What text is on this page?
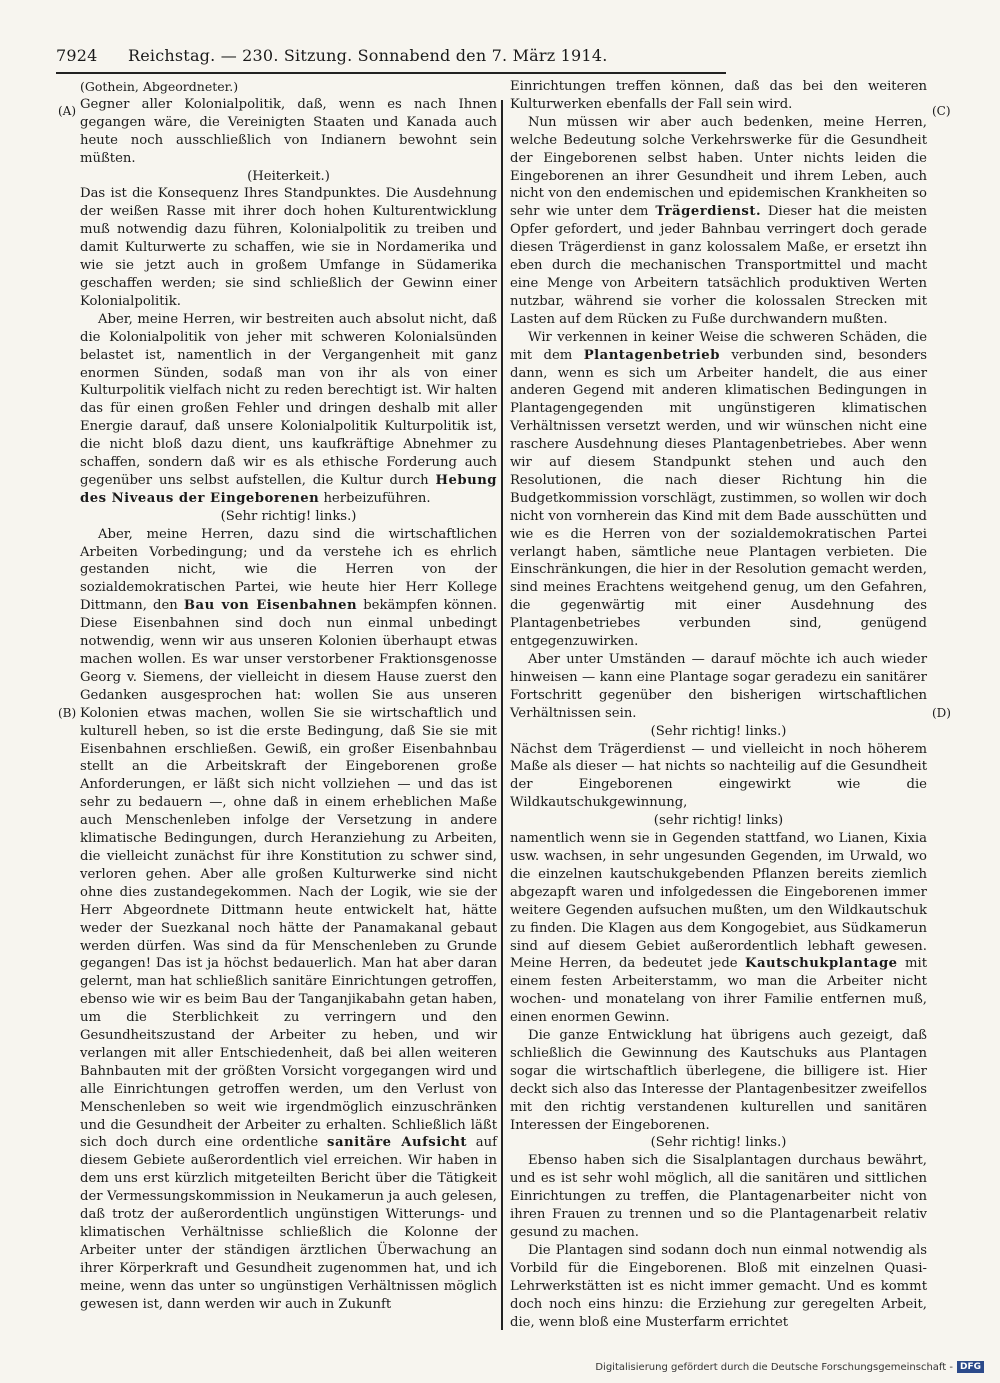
7924 Reichstag. — 230. Sitzung. Sonnabend den 7. März 1914.
(A)
(B)
(C)
(D)

(Gothein, Abgeordneter.)

Gegner aller Kolonialpolitik, daß, wenn es nach Ihnen gegangen wäre, die Vereinigten Staaten und Kanada auch heute noch ausschließlich von Indianern bewohnt sein müßten.

(Heiterkeit.)

Das ist die Konsequenz Ihres Standpunktes. Die Ausdehnung der weißen Rasse mit ihrer doch hohen Kulturentwicklung muß notwendig dazu führen, Kolonialpolitik zu treiben und damit Kulturwerte zu schaffen, wie sie in Nordamerika und wie sie jetzt auch in großem Umfange in Südamerika geschaffen werden; sie sind schließlich der Gewinn einer Kolonialpolitik.

Aber, meine Herren, wir bestreiten auch absolut nicht, daß die Kolonialpolitik von jeher mit schweren Kolonialsünden belastet ist, namentlich in der Vergangenheit mit ganz enormen Sünden, sodaß man von ihr als von einer Kulturpolitik vielfach nicht zu reden berechtigt ist. Wir halten das für einen großen Fehler und dringen deshalb mit aller Energie darauf, daß unsere Kolonialpolitik Kulturpolitik ist, die nicht bloß dazu dient, uns kaufkräftige Abnehmer zu schaffen, sondern daß wir es als ethische Forderung auch gegenüber uns selbst aufstellen, die Kultur durch Hebung des Niveaus der Eingeborenen herbeizuführen.

(Sehr richtig! links.)

Aber, meine Herren, dazu sind die wirtschaftlichen Arbeiten Vorbedingung; und da verstehe ich es ehrlich gestanden nicht, wie die Herren von der sozialdemokratischen Partei, wie heute hier Herr Kollege Dittmann, den Bau von Eisenbahnen bekämpfen können. Diese Eisenbahnen sind doch nun einmal unbedingt notwendig, wenn wir aus unseren Kolonien überhaupt etwas machen wollen. Es war unser verstorbener Fraktionsgenosse Georg v. Siemens, der vielleicht in diesem Hause zuerst den Gedanken ausgesprochen hat: wollen Sie aus unseren Kolonien etwas machen, wollen Sie sie wirtschaftlich und kulturell heben, so ist die erste Bedingung, daß Sie sie mit Eisenbahnen erschließen. Gewiß, ein großer Eisenbahnbau stellt an die Arbeitskraft der Eingeborenen große Anforderungen, er läßt sich nicht vollziehen — und das ist sehr zu bedauern —, ohne daß in einem erheblichen Maße auch Menschenleben infolge der Versetzung in andere klimatische Bedingungen, durch Heranziehung zu Arbeiten, die vielleicht zunächst für ihre Konstitution zu schwer sind, verloren gehen. Aber alle großen Kulturwerke sind nicht ohne dies zustandegekommen. Nach der Logik, wie sie der Herr Abgeordnete Dittmann heute entwickelt hat, hätte weder der Suezkanal noch hätte der Panamakanal gebaut werden dürfen. Was sind da für Menschenleben zu Grunde gegangen! Das ist ja höchst bedauerlich. Man hat aber daran gelernt, man hat schließlich sanitäre Einrichtungen getroffen, ebenso wie wir es beim Bau der Tanganjikabahn getan haben, um die Sterblichkeit zu verringern und den Gesundheitszustand der Arbeiter zu heben, und wir verlangen mit aller Entschiedenheit, daß bei allen weiteren Bahnbauten mit der größten Vorsicht vorgegangen wird und alle Einrichtungen getroffen werden, um den Verlust von Menschenleben so weit wie irgendmöglich einzuschränken und die Gesundheit der Arbeiter zu erhalten. Schließlich läßt sich doch durch eine ordentliche sanitäre Aufsicht auf diesem Gebiete außerordentlich viel erreichen. Wir haben in dem uns erst kürzlich mitgeteilten Bericht über die Tätigkeit der Vermessungskommission in Neukamerun ja auch gelesen, daß trotz der außerordentlich ungünstigen Witterungs- und klimatischen Verhältnisse schließlich die Kolonne der Arbeiter unter der ständigen ärztlichen Überwachung an ihrer Körperkraft und Gesundheit zugenommen hat, und ich meine, wenn das unter so ungünstigen Verhältnissen möglich gewesen ist, dann werden wir auch in Zukunft

Einrichtungen treffen können, daß das bei den weiteren Kulturwerken ebenfalls der Fall sein wird.

Nun müssen wir aber auch bedenken, meine Herren, welche Bedeutung solche Verkehrswerke für die Gesundheit der Eingeborenen selbst haben. Unter nichts leiden die Eingeborenen an ihrer Gesundheit und ihrem Leben, auch nicht von den endemischen und epidemischen Krankheiten so sehr wie unter dem Trägerdienst. Dieser hat die meisten Opfer gefordert, und jeder Bahnbau verringert doch gerade diesen Trägerdienst in ganz kolossalem Maße, er ersetzt ihn eben durch die mechanischen Transportmittel und macht eine Menge von Arbeitern tatsächlich produktiven Werten nutzbar, während sie vorher die kolossalen Strecken mit Lasten auf dem Rücken zu Fuße durchwandern mußten.

Wir verkennen in keiner Weise die schweren Schäden, die mit dem Plantagenbetrieb verbunden sind, besonders dann, wenn es sich um Arbeiter handelt, die aus einer anderen Gegend mit anderen klimatischen Bedingungen in Plantagengegenden mit ungünstigeren klimatischen Verhältnissen versetzt werden, und wir wünschen nicht eine raschere Ausdehnung dieses Plantagenbetriebes. Aber wenn wir auf diesem Standpunkt stehen und auch den Resolutionen, die nach dieser Richtung hin die Budgetkommission vorschlägt, zustimmen, so wollen wir doch nicht von vornherein das Kind mit dem Bade ausschütten und wie es die Herren von der sozialdemokratischen Partei verlangt haben, sämtliche neue Plantagen verbieten. Die Einschränkungen, die hier in der Resolution gemacht werden, sind meines Erachtens weitgehend genug, um den Gefahren, die gegenwärtig mit einer Ausdehnung des Plantagenbetriebes verbunden sind, genügend entgegenzuwirken.

Aber unter Umständen — darauf möchte ich auch wieder hinweisen — kann eine Plantage sogar geradezu ein sanitärer Fortschritt gegenüber den bisherigen wirtschaftlichen Verhältnissen sein.

(Sehr richtig! links.)

Nächst dem Trägerdienst — und vielleicht in noch höherem Maße als dieser — hat nichts so nachteilig auf die Gesundheit der Eingeborenen eingewirkt wie die Wildkautschukgewinnung,

(sehr richtig! links)

namentlich wenn sie in Gegenden stattfand, wo Lianen, Kixia usw. wachsen, in sehr ungesunden Gegenden, im Urwald, wo die einzelnen kautschukgebenden Pflanzen bereits ziemlich abgezapft waren und infolgedessen die Eingeborenen immer weitere Gegenden aufsuchen mußten, um den Wildkautschuk zu finden. Die Klagen aus dem Kongogebiet, aus Südkamerun sind auf diesem Gebiet außerordentlich lebhaft gewesen. Meine Herren, da bedeutet jede Kautschukplantage mit einem festen Arbeiterstamm, wo man die Arbeiter nicht wochen- und monatelang von ihrer Familie entfernen muß, einen enormen Gewinn.

Die ganze Entwicklung hat übrigens auch gezeigt, daß schließlich die Gewinnung des Kautschuks aus Plantagen sogar die wirtschaftlich überlegene, die billigere ist. Hier deckt sich also das Interesse der Plantagenbesitzer zweifellos mit den richtig verstandenen kulturellen und sanitären Interessen der Eingeborenen.

(Sehr richtig! links.)

Ebenso haben sich die Sisalplantagen durchaus bewährt, und es ist sehr wohl möglich, all die sanitären und sittlichen Einrichtungen zu treffen, die Plantagenarbeiter nicht von ihren Frauen zu trennen und so die Plantagenarbeit relativ gesund zu machen.

Die Plantagen sind sodann doch nun einmal notwendig als Vorbild für die Eingeborenen. Bloß mit einzelnen Quasi-Lehrwerkstätten ist es nicht immer gemacht. Und es kommt doch noch eins hinzu: die Erziehung zur geregelten Arbeit, die, wenn bloß eine Musterfarm errichtet

Digitalisierung gefördert durch die Deutsche Forschungsgemeinschaft - DFG
